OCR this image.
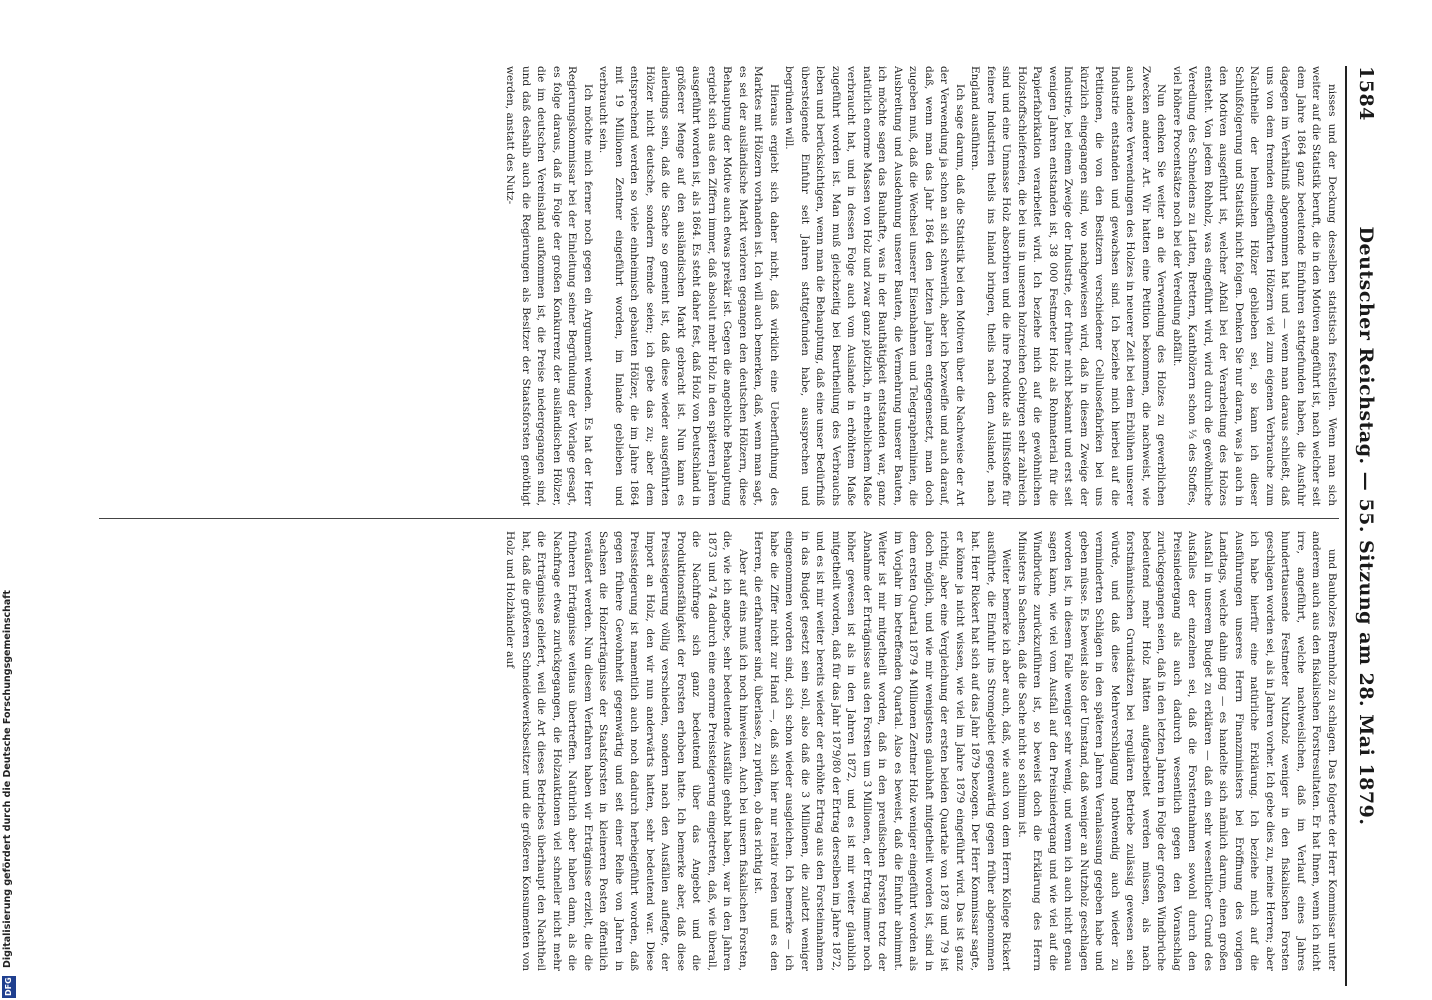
1584
Deutscher Reichstag. — 55. Sitzung am 28. Mai 1879.

nisses und der Deckung desselben statistisch feststellen. Wenn man sich weiter auf die Statistik beruft, die in den Motiven angeführt ist, nach welcher seit dem Jahre 1864 ganz bedeutende Einfuhren stattgefunden haben, die Ausfuhr dagegen im Verhältniß abgenommen hat und — wenn man daraus schließt, daß uns von dem fremden eingeführten Hölzern viel zum eigenen Verbrauche zum Nachtheile der heimischen Hölzer geblieben sei, so kann ich dieser Schlußfolgerung und Statistik nicht folgen. Denken Sie nur daran, was ja auch in den Motiven ausgeführt ist, welcher Abfall bei der Verarbeitung des Holzes entsteht. Von jedem Rohholz, was eingeführt wird, wird durch die gewöhnliche Veredlung des Schneidens zu Latten, Brettern, Kanthölzern schon ⅓ des Stoffes, viel höhere Procentsätze noch bei der Veredlung abfällt.

Nun denken Sie weiter an die Verwendung des Holzes zu gewerblichen Zwecken anderer Art. Wir hatten eine Petition bekommen, die nachweist, wie auch andere Verwendungen des Holzes in neuerer Zeit bei dem Erblühen unserer Industrie entstanden und gewachsen sind. Ich beziehe mich hierbei auf die Petitionen, die von den Besitzern verschiedener Cellulosefabriken bei uns kürzlich eingegangen sind, wo nachgewiesen wird, daß in diesem Zweige der Industrie, bei einem Zweige der Industrie, der früher nicht bekannt und erst seit wenigen Jahren entstanden ist, 38 000 Festmeter Holz als Rohmaterial für die Papierfabrikation verarbeitet wird. Ich beziehe mich auf die gewöhnlichen Holzstoffschleifereien, die bei uns in unseren holzreichen Gebirgen sehr zahlreich sind und eine Unmasse Holz absorbiren und die ihre Produkte als Hilfsstoffe für feinere Industrien theils ins Inland bringen, theils nach dem Auslande, nach England ausführen.

Ich sage darum, daß die Statistik bei den Motiven über die Nachweise der Art der Verwendung ja schon an sich schwerlich, aber ich bezweifle und auch darauf, daß, wenn man das Jahr 1864 den letzten Jahren entgegensetzt, man doch zugeben muß, daß die Wechsel unserer Eisenbahnen und Telegraphenlinien, die Ausbreitung und Ausdehnung unserer Bauten, die Vermehrung unserer Bauten, ich möchte sagen das Bauhafte, was in der Bauthätigkeit entstanden war, ganz natürlich enorme Massen von Holz und zwar ganz plötzlich, in erheblichem Maße verbraucht hat, und in dessen Folge auch vom Auslande in erhöhtem Maße zugeführt worden ist. Man muß gleichzeitig bei Beurtheilung des Verbrauchs leben und berücksichtigen, wenn man die Behauptung, daß eine unser Bedürfniß übersteigende Einfuhr seit Jahren stattgefunden habe, aussprechen und begründen will.

Hieraus ergiebt sich daher nicht, daß wirklich eine Ueberfluthung des Marktes mit Hölzern vorhanden ist. Ich will auch bemerken, daß, wenn man sagt, es sei der ausländische Markt verloren gegangen den deutschen Hölzern, diese Behauptung der Motive auch etwas prekär ist. Gegen die angebliche Behauptung ergiebt sich aus den Ziffern immer, daß absolut mehr Holz in den späteren Jahren ausgeführt worden ist, als 1864. Es steht daher fest, daß Holz von Deutschland in größerer Menge auf den ausländischen Markt gebracht ist. Nun kann es allerdings sein, daß die Sache so gemeint ist, daß diese wieder ausgeführten Hölzer nicht deutsche, sondern fremde seien; ich gebe das zu; aber dem entsprechend werden so viele einheimisch gebauten Hölzer, die im Jahre 1864 mit 19 Millionen Zentner eingeführt worden, im Inlande geblieben und verbraucht sein.

Ich möchte mich ferner noch gegen ein Argument wenden. Es hat der Herr Regierungskommissar bei der Einleitung seiner Begründung der Vorlage gesagt, es folge daraus, daß in Folge der großen Konkurrenz der ausländischen Hölzer, die im deutschen Vereinsland aufkommen ist, die Preise niedergegangen sind, und daß deshalb auch die Regierungen als Besitzer der Staatsforsten genöthigt werden, anstatt des Nutz-

und Bauholzes Brennholz zu schlagen. Das folgerte der Herr Kommissar unter anderem auch aus den fiskalischen Forstresultaten. Er hat Ihnen, wenn ich nicht irre, angeführt, welche nachweislichen, daß im Verlauf eines Jahres hunderttausende Festmeter Nutzholz weniger in den fiskalischen Forsten geschlagen worden sei, als in Jahren vorher. Ich gebe dies zu, meine Herren; aber ich habe hierfür eine natürliche Erklärung. Ich beziehe mich auf die Ausführungen unseres Herrn Finanzministers bei Eröffnung des vorigen Landtags, welche dahin ging — es handelte sich nämlich darum, einen großen Ausfall in unserem Budget zu erklären — daß ein sehr wesentlicher Grund des Ausfalles der einzelnen sei, daß die Forstentnahmen sowohl durch den Preisniedergang als auch dadurch wesentlich gegen den Voranschlag zurückgegangen seien, daß in den letzten Jahren in Folge der großen Windbrüche bedeutend mehr Holz hätten aufgearbeitet werden müssen, als nach forstmännischen Grundsätzen bei regulären Betriebe zulässig gewesen sein würde, und daß diese Mehrverschlagung nothwendig auch wieder zu verminderten Schlägen in den späteren Jahren Veranlassung gegeben habe und geben müsse. Es beweist also der Umstand, daß weniger an Nutzholz geschlagen worden ist, in diesem Falle weniger sehr wenig, und wenn ich auch nicht genau sagen kann, wie viel vom Ausfall auf den Preisniedergang und wie viel auf die Windbrüche zurückzuführen ist, so beweist doch die Erklärung des Herrn Ministers in Sachsen, daß die Sache nicht so schlimm ist.

Weiter bemerke ich aber auch, daß, wie auch von dem Herrn Kollege Rickert ausführte, die Einfuhr ins Stromgebiet gegenwärtig gegen früher abgenommen hat. Herr Rickert hat sich auf das Jahr 1879 bezogen. Der Herr Kommissar sagte, er könne ja nicht wissen, wie viel im Jahre 1879 eingeführt wird. Das ist ganz richtig, aber eine Vergleichung der ersten beiden Quartale von 1878 und 79 ist doch möglich, und wie mir wenigstens glaubhaft mitgetheilt worden ist, sind in dem ersten Quartal 1879 4 Millionen Zentner Holz weniger eingeführt worden als im Vorjahr im betreffenden Quartal. Also es beweist, daß die Einfuhr abnimmt. Weiter ist mir mitgetheilt worden, daß in den preußischen Forsten trotz der Abnahme der Erträgnisse aus den Forsten um 3 Millionen, der Ertrag immer noch höher gewesen ist als in den Jahren 1872, und es ist mir weiter glaublich mitgetheilt worden, daß für das Jahr 1879/80 der Ertrag derselben im Jahre 1872, und es ist mir weiter bereits wieder der erhöhte Ertrag aus den Forsteinnahmen in das Budget gesetzt sein soll, also daß die 3 Millionen, die zuletzt weniger eingenommen worden sind, sich schon wieder ausgleichen. Ich bemerke — ich habe die Ziffer nicht zur Hand —, daß sich hier nur relativ reden und es den Herren, die erfahrener sind, überlasse, zu prüfen, ob das richtig ist.

Aber auf eins muß ich noch hinweisen. Auch bei unsern fiskalischen Forsten, die, wie ich angebe, sehr bedeutende Ausfälle gehabt haben, war in den Jahren 1873 und 74 dadurch eine enorme Preissteigerung eingetreten, daß, wie überall, die Nachfrage sich ganz bedeutend über das Angebot und die Produktionsfähigkeit der Forsten erhoben hatte. Ich bemerke aber, daß diese Preissteigerung völlig verschieden, sondern nach den Ausfällen auflegte, der Import an Holz, den wir nun anderwärts hatten, sehr bedeutend war. Diese Preissteigerung ist namentlich auch noch dadurch herbeigeführt worden, daß gegen frühere Gewohnheit gegenwärtig und seit einer Reihe von Jahren in Sachsen die Holzerträgnisse der Staatsforsten in kleineren Posten öffentlich veräußert werden. Nun diesem Verfahren haben wir Erträgnisse erzielt, die die früheren Erträgnisse weitaus übertreffen. Natürlich aber haben dann, als die Nachfrage etwas zurückgegangen, die Holzauktionen viel schneller nicht mehr die Erträgnisse geliefert, weil die Art dieses Betriebes überhaupt den Nachtheil hat, daß die größeren Schneidewerksbesitzer und die größeren Konsumenten von Holz und Holzhändler auf

Digitalisierung gefördert durch die Deutsche Forschungsgemeinschaft
DFG
